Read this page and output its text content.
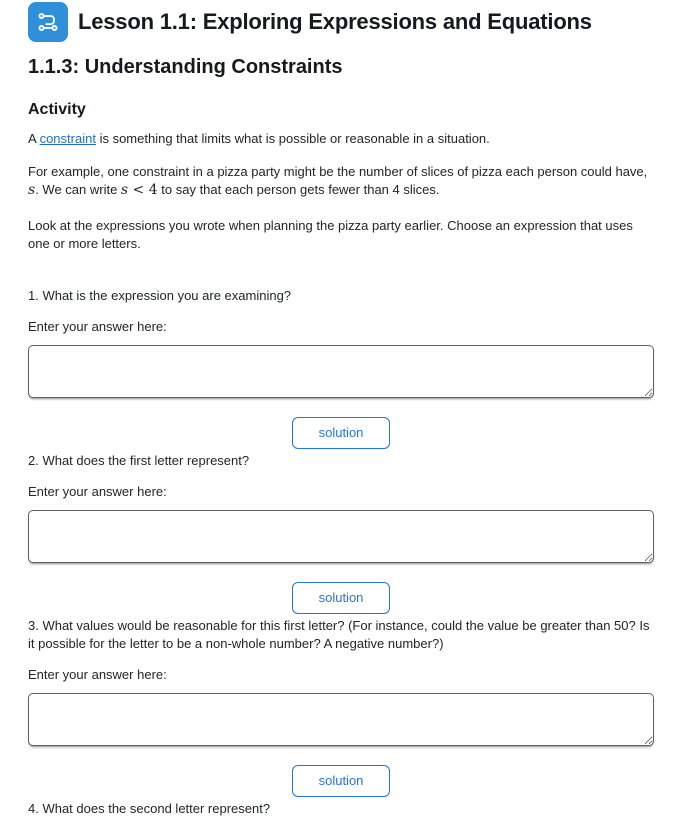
Lesson 1.1: Exploring Expressions and Equations
1.1.3: Understanding Constraints
Activity

A constraint is something that limits what is possible or reasonable in a situation.

For example, one constraint in a pizza party might be the number of slices of pizza each person could have, s. We can write s < 4 to say that each person gets fewer than 4 slices.

Look at the expressions you wrote when planning the pizza party earlier. Choose an expression that uses one or more letters.

1. What is the expression you are examining?

Enter your answer here:

solution

2. What does the first letter represent?

Enter your answer here:

solution

3. What values would be reasonable for this first letter? (For instance, could the value be greater than 50? Is it possible for the letter to be a non-whole number? A negative number?)

Enter your answer here:

solution

4. What does the second letter represent?
